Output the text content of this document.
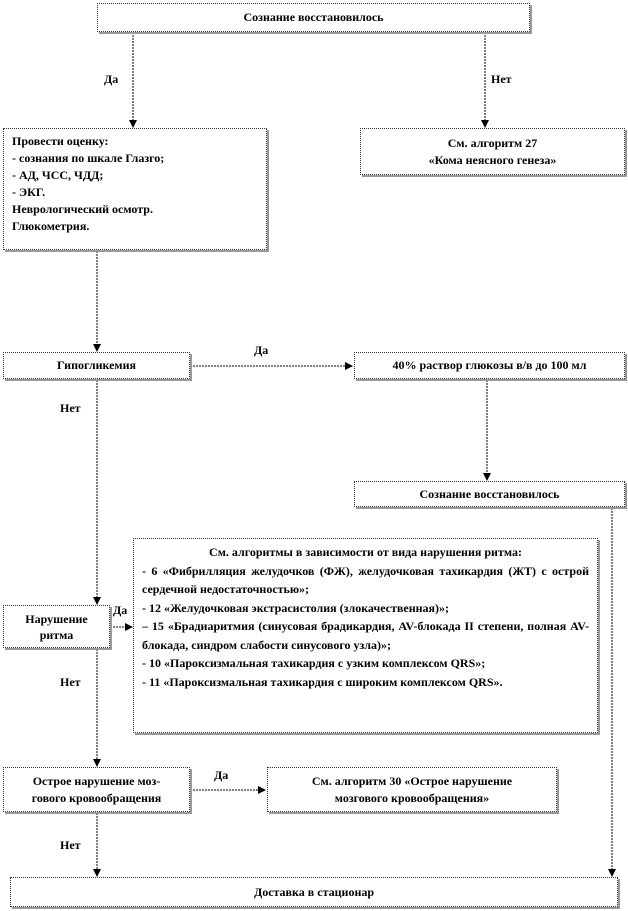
Сознание восстановилось
Да	Нет
Провести оценку:
- сознания по шкале Глазго;
- АД, ЧСС, ЧДД;
- ЭКГ.
Неврологический осмотр.
Глюкометрия.
См. алгоритм 27
«Кома неясного генеза»
Гипогликемия
Да
40% раствор глюкозы в/в до 100 мл
Сознание восстановилось
Нет
Нарушение
ритма
Да
См. алгоритмы в зависимости от вида нарушения ритма:
- 6 «Фибрилляция желудочков (ФЖ), желудочковая тахикардия (ЖТ) с острой сердечной недостаточностью»;
- 12 «Желудочковая экстрасистолия (злокачественная)»;
– 15 «Брадиаритмия (синусовая брадикардия, AV-блокада II степени, полная AV-блокада, синдром слабости синусового узла)»;
- 10 «Пароксизмальная тахикардия с узким комплексом QRS»;
- 11 «Пароксизмальная тахикардия с широким комплексом QRS».
Нет
Острое нарушение моз-
гового кровообращения
Да	См. алгоритм 30 «Острое нарушение
мозгового кровообращения»
Нет
Доставка в стационар
